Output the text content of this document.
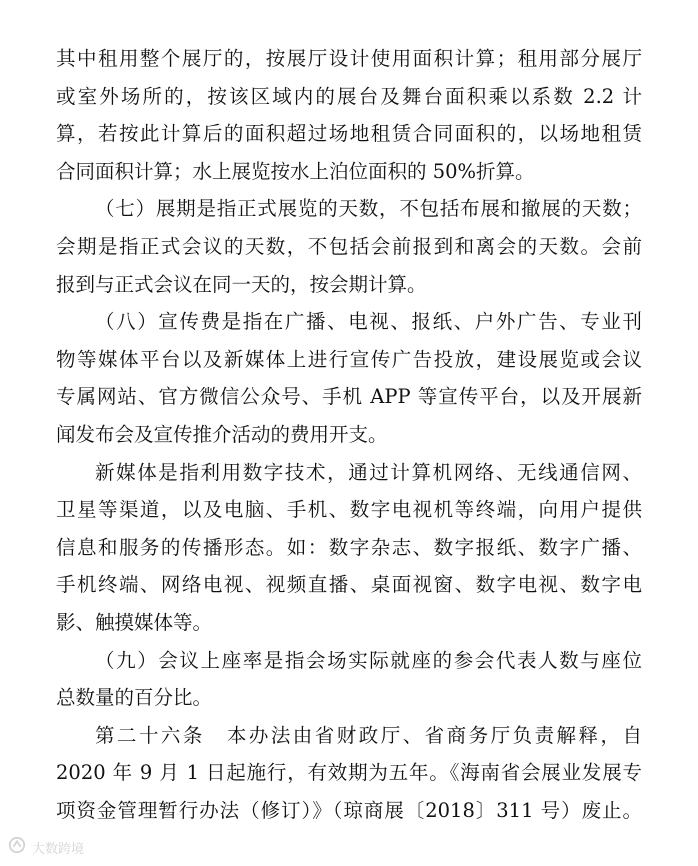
其中租用整个展厅的，按展厅设计使用面积计算；租用部分展厅
或室外场所的，按该区域内的展台及舞台面积乘以系数 2.2 计
算，若按此计算后的面积超过场地租赁合同面积的，以场地租赁
合同面积计算；水上展览按水上泊位面积的 50%折算。
（七）展期是指正式展览的天数，不包括布展和撤展的天数；
会期是指正式会议的天数，不包括会前报到和离会的天数。会前
报到与正式会议在同一天的，按会期计算。
（八）宣传费是指在广播、电视、报纸、户外广告、专业刊
物等媒体平台以及新媒体上进行宣传广告投放，建设展览或会议
专属网站、官方微信公众号、手机 APP 等宣传平台，以及开展新
闻发布会及宣传推介活动的费用开支。
新媒体是指利用数字技术，通过计算机网络、无线通信网、
卫星等渠道，以及电脑、手机、数字电视机等终端，向用户提供
信息和服务的传播形态。如：数字杂志、数字报纸、数字广播、
手机终端、网络电视、视频直播、桌面视窗、数字电视、数字电
影、触摸媒体等。
（九）会议上座率是指会场实际就座的参会代表人数与座位
总数量的百分比。
第二十六条　本办法由省财政厅、省商务厅负责解释，自
2020 年 9 月 1 日起施行，有效期为五年。《海南省会展业发展专
项资金管理暂行办法（修订）》（琼商展〔2018〕311 号）废止。
大数跨境
